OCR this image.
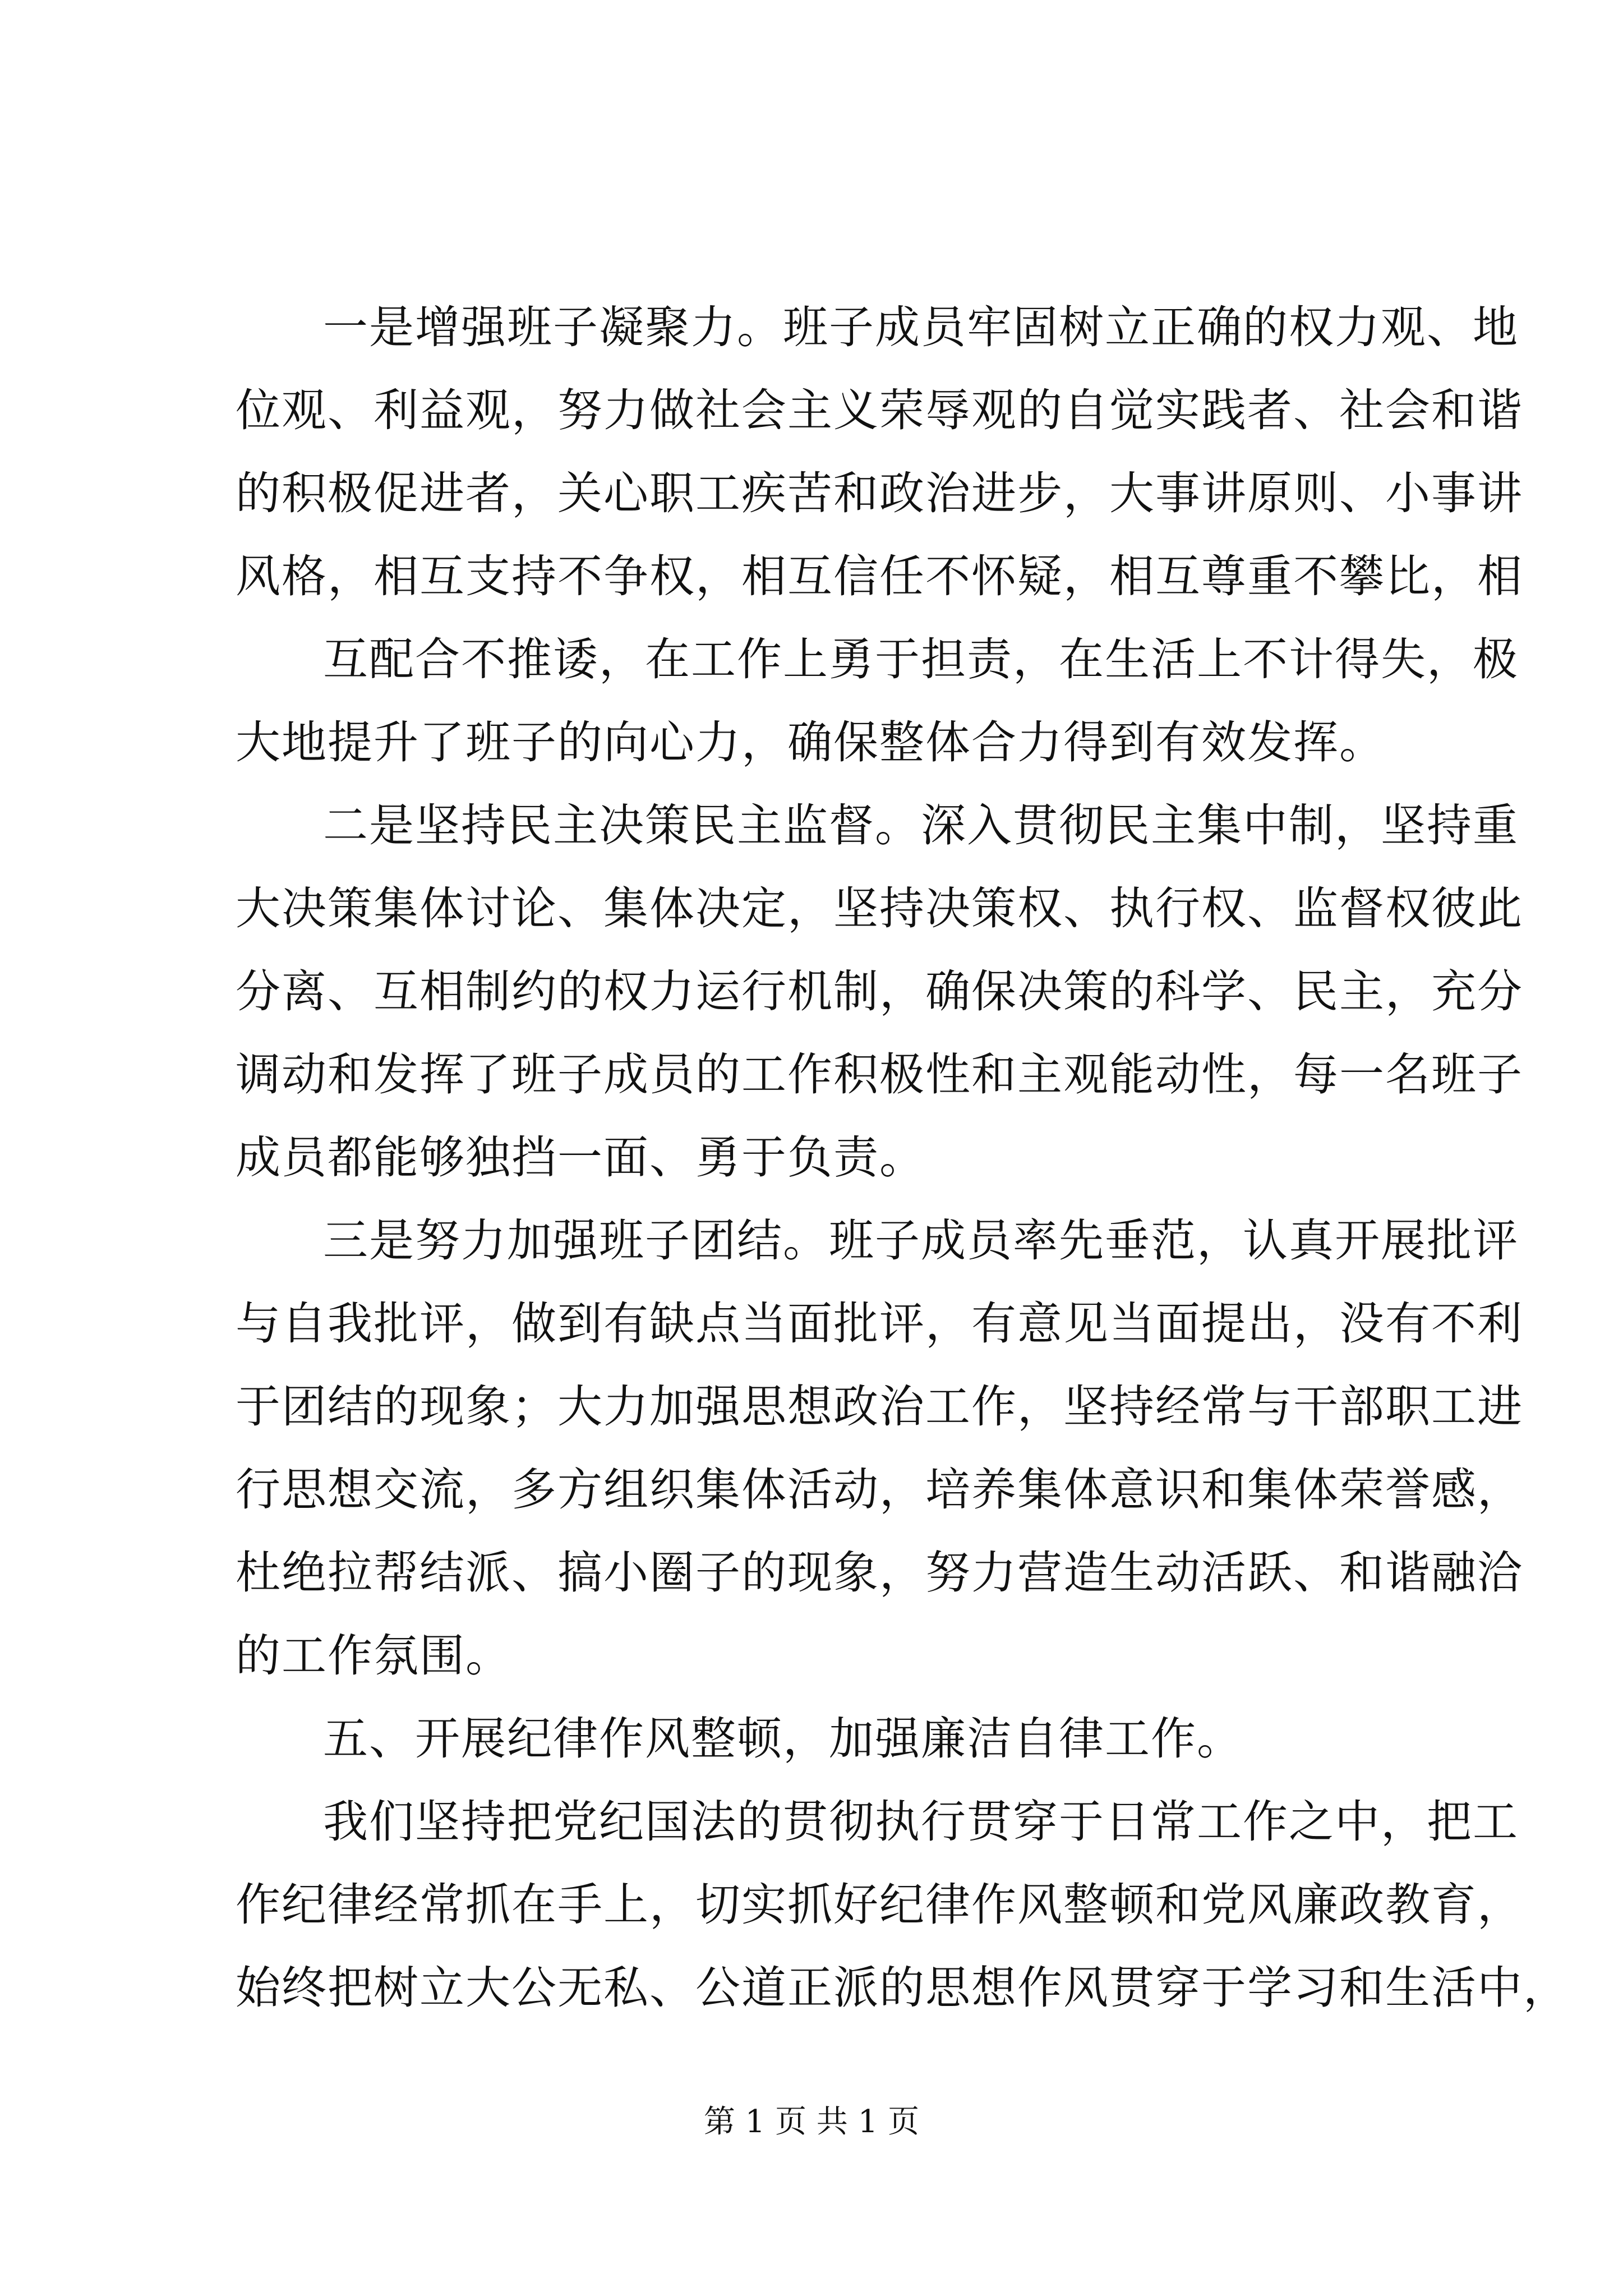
一是增强班子凝聚力。班子成员牢固树立正确的权力观、地
位观、利益观，努力做社会主义荣辱观的自觉实践者、社会和谐
的积极促进者，关心职工疾苦和政治进步，大事讲原则、小事讲
风格，相互支持不争权，相互信任不怀疑，相互尊重不攀比，相
互配合不推诿，在工作上勇于担责，在生活上不计得失，极
大地提升了班子的向心力，确保整体合力得到有效发挥。
二是坚持民主决策民主监督。深入贯彻民主集中制，坚持重
大决策集体讨论、集体决定，坚持决策权、执行权、监督权彼此
分离、互相制约的权力运行机制，确保决策的科学、民主，充分
调动和发挥了班子成员的工作积极性和主观能动性，每一名班子
成员都能够独挡一面、勇于负责。
三是努力加强班子团结。班子成员率先垂范，认真开展批评
与自我批评，做到有缺点当面批评，有意见当面提出，没有不利
于团结的现象；大力加强思想政治工作，坚持经常与干部职工进
行思想交流，多方组织集体活动，培养集体意识和集体荣誉感，
杜绝拉帮结派、搞小圈子的现象，努力营造生动活跃、和谐融洽
的工作氛围。
五、开展纪律作风整顿，加强廉洁自律工作。
我们坚持把党纪国法的贯彻执行贯穿于日常工作之中，把工
作纪律经常抓在手上，切实抓好纪律作风整顿和党风廉政教育，
始终把树立大公无私、公道正派的思想作风贯穿于学习和生活中，
第 1 页 共 1 页
